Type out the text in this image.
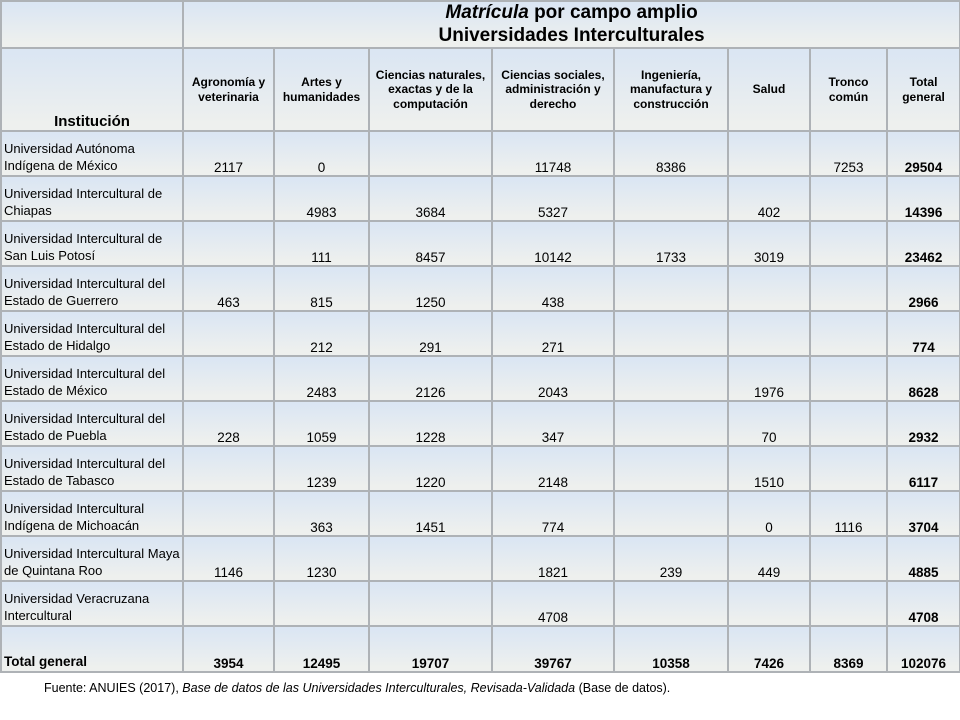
	Matrícula por campo amplio
Universidades Interculturales							

Institución	Agronomía y veterinaria	Artes y humanidades	Ciencias naturales, exactas y de la computación	Ciencias sociales, administración y derecho	Ingeniería, manufactura y construcción	Salud	Tronco común	Total general
Universidad Autónoma Indígena de México	2117	0		11748	8386		7253	29504
Universidad Intercultural de Chiapas		4983	3684	5327		402		14396
Universidad Intercultural de San Luis Potosí		111	8457	10142	1733	3019		23462
Universidad Intercultural del Estado de Guerrero	463	815	1250	438				2966
Universidad Intercultural del Estado de Hidalgo		212	291	271				774
Universidad Intercultural del Estado de México		2483	2126	2043		1976		8628
Universidad Intercultural del Estado de Puebla	228	1059	1228	347		70		2932
Universidad Intercultural del Estado de Tabasco		1239	1220	2148		1510		6117
Universidad Intercultural Indígena de Michoacán		363	1451	774		0	1116	3704
Universidad Intercultural Maya de Quintana Roo	1146	1230		1821	239	449		4885
Universidad Veracruzana Intercultural				4708				4708
Total general	3954	12495	19707	39767	10358	7426	8369	102076
Fuente: ANUIES (2017), Base de datos de las Universidades Interculturales, Revisada-Validada (Base de datos).
